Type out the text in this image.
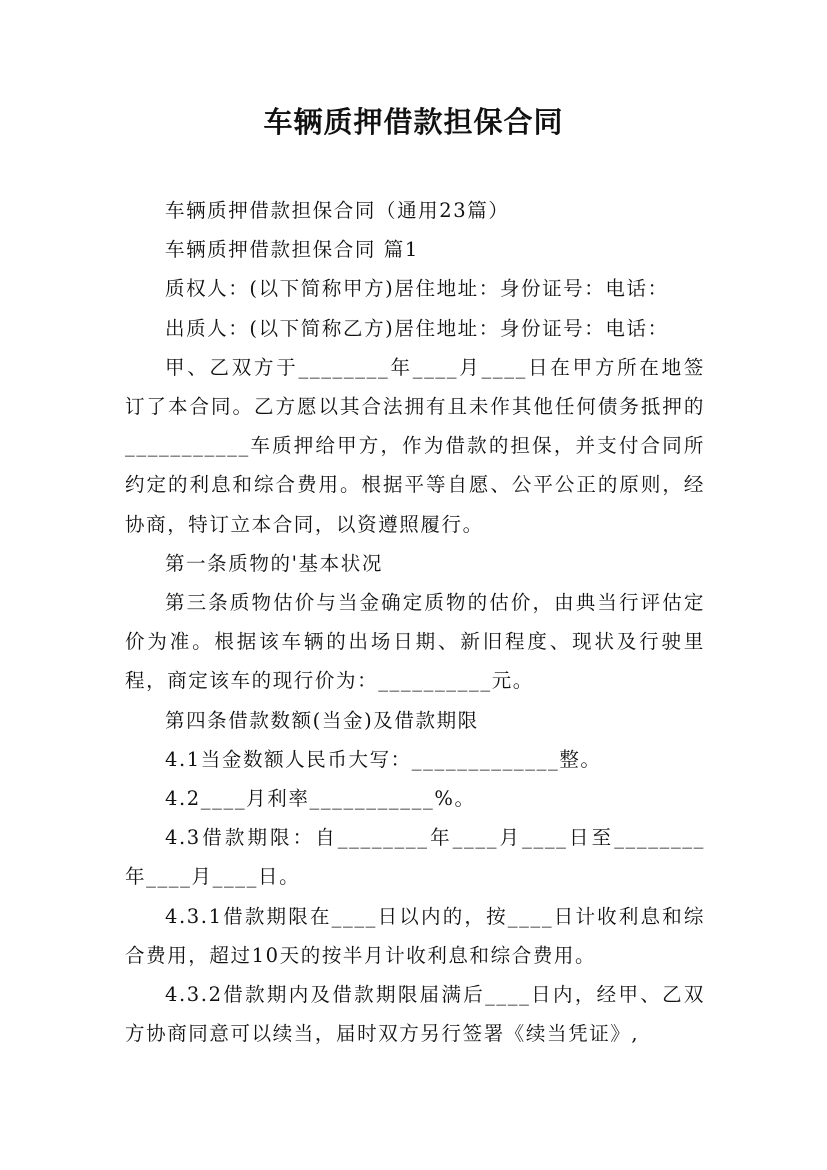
车辆质押借款担保合同

车辆质押借款担保合同（通用23篇）

车辆质押借款担保合同 篇1

质权人：(以下简称甲方)居住地址：身份证号：电话：

出质人：(以下简称乙方)居住地址：身份证号：电话：

甲、乙双方于________年____月____日在甲方所在地签订了本合同。乙方愿以其合法拥有且未作其他任何债务抵押的___________车质押给甲方，作为借款的担保，并支付合同所约定的利息和综合费用。根据平等自愿、公平公正的原则，经协商，特订立本合同，以资遵照履行。

第一条质物的'基本状况

第三条质物估价与当金确定质物的估价，由典当行评估定价为准。根据该车辆的出场日期、新旧程度、现状及行驶里程，商定该车的现行价为：__________元。

第四条借款数额(当金)及借款期限

4.1当金数额人民币大写：_____________整。

4.2____月利率___________%。

4.3借款期限：自________年____月____日至________年____月____日。

4.3.1借款期限在____日以内的，按____日计收利息和综合费用，超过10天的按半月计收利息和综合费用。

4.3.2借款期内及借款期限届满后____日内，经甲、乙双方协商同意可以续当，届时双方另行签署《续当凭证》,
